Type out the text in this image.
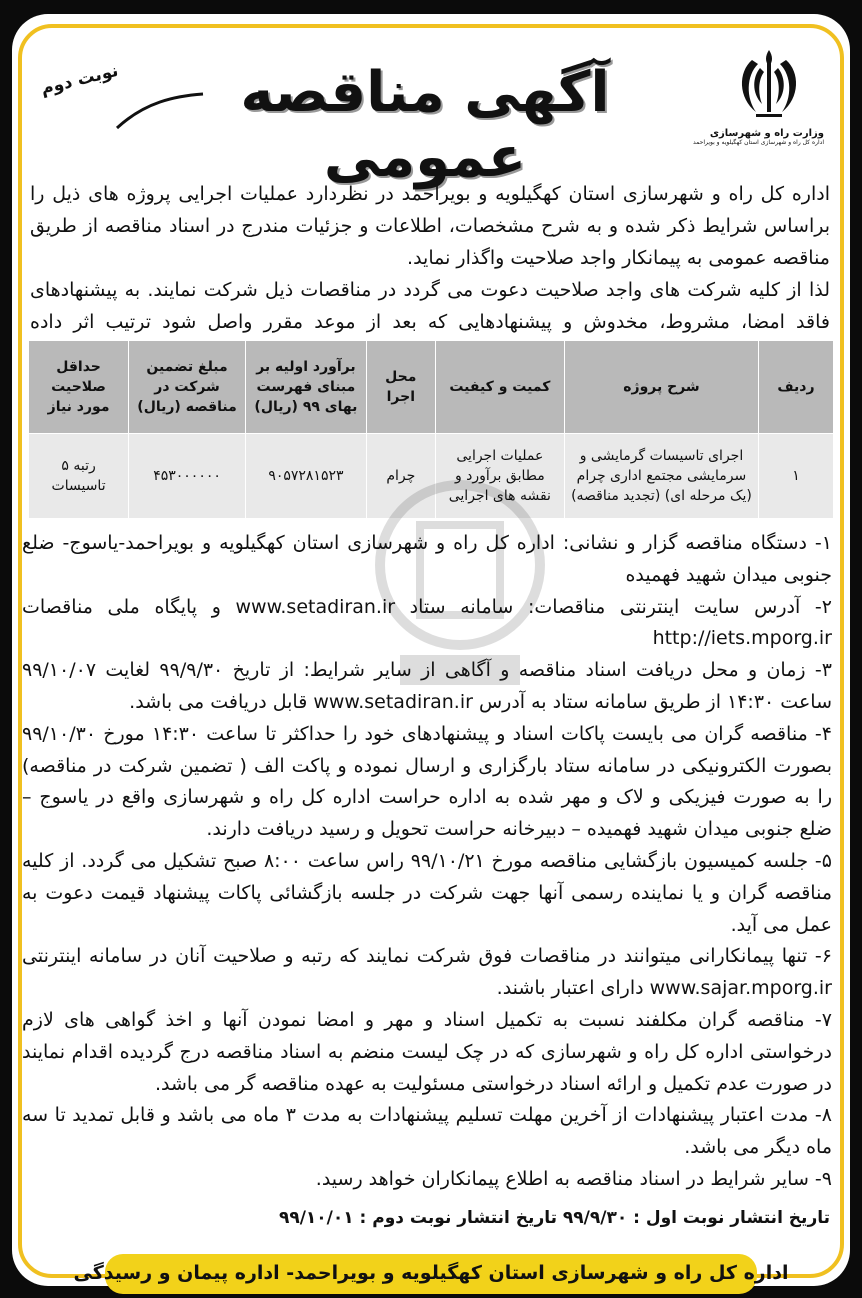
وزارت راه و شهرسازی
اداره کل راه و شهرسازی استان کهگیلویه و بویراحمد
آگهی مناقصه عمومی
نوبت دوم
اداره کل راه و شهرسازی استان کهگیلویه و بویراحمد در نظردارد عملیات اجرایی پروژه های ذیل را براساس شرایط ذکر شده و به شرح مشخصات، اطلاعات و جزئیات مندرج در اسناد مناقصه از طریق مناقصه عمومی به پیمانکار واجد صلاحیت واگذار نماید.
لذا از کلیه شرکت های واجد صلاحیت دعوت می گردد در مناقصات ذیل شرکت نمایند. به پیشنهادهای فاقد امضا، مشروط، مخدوش و پیشنهادهایی که بعد از موعد مقرر واصل شود ترتیب اثر داده
ردیف	شرح پروژه	کمیت و کیفیت	محل اجرا	برآورد اولیه بر مبنای فهرست بهای ۹۹ (ریال)	مبلغ تضمین شرکت در مناقصه (ریال)	حداقل صلاحیت مورد نیاز
۱	اجرای تاسیسات گرمایشی و سرمایشی مجتمع اداری چرام (یک مرحله ای) (تجدید مناقصه)	عملیات اجرایی مطابق برآورد و نقشه های اجرایی	چرام	۹۰۵۷۲۸۱۵۲۳	۴۵۳۰۰۰۰۰۰	رتبه ۵ تاسیسات

۱- دستگاه مناقصه گزار و نشانی: اداره کل راه و شهرسازی استان کهگیلویه و بویراحمد-یاسوج- ضلع جنوبی میدان شهید فهمیده

۲- آدرس سایت اینترنتی مناقصات: سامانه ستاد www.setadiran.ir و پایگاه ملی مناقصات http://iets.mporg.ir

۳- زمان و محل دریافت اسناد مناقصه و آگاهی از سایر شرایط: از تاریخ ۹۹/۹/۳۰ لغایت ۹۹/۱۰/۰۷ ساعت ۱۴:۳۰ از طریق سامانه ستاد به آدرس www.setadiran.ir قابل دریافت می باشد.

۴- مناقصه گران می بایست پاکات اسناد و پیشنهادهای خود را حداکثر تا ساعت ۱۴:۳۰ مورخ ۹۹/۱۰/۳۰ بصورت الکترونیکی در سامانه ستاد بارگزاری و ارسال نموده و پاکت الف ( تضمین شرکت در مناقصه) را به صورت فیزیکی و لاک و مهر شده به اداره حراست اداره کل راه و شهرسازی واقع در یاسوج – ضلع جنوبی میدان شهید فهمیده – دبیرخانه حراست تحویل و رسید دریافت دارند.

۵- جلسه کمیسیون بازگشایی مناقصه مورخ ۹۹/۱۰/۲۱ راس ساعت ۸:۰۰ صبح تشکیل می گردد. از کلیه مناقصه گران و یا نماینده رسمی آنها جهت شرکت در جلسه بازگشائی پاکات پیشنهاد قیمت دعوت به عمل می آید.

۶- تنها پیمانکارانی میتوانند در مناقصات فوق شرکت نمایند که رتبه و صلاحیت آنان در سامانه اینترنتی www.sajar.mporg.ir دارای اعتبار باشند.

۷- مناقصه گران مکلفند نسبت به تکمیل اسناد و مهر و امضا نمودن آنها و اخذ گواهی های لازم درخواستی اداره کل راه و شهرسازی که در چک لیست منضم به اسناد مناقصه درج گردیده اقدام نمایند در صورت عدم تکمیل و ارائه اسناد درخواستی مسئولیت به عهده مناقصه گر می باشد.

۸- مدت اعتبار پیشنهادات از آخرین مهلت تسلیم پیشنهادات به مدت ۳ ماه می باشد و قابل تمدید تا سه ماه دیگر می باشد.

۹- سایر شرایط در اسناد مناقصه به اطلاع پیمانکاران خواهد رسید.

تاریخ انتشار نوبت اول : ۹۹/۹/۳۰ تاریخ انتشار نوبت دوم : ۹۹/۱۰/۰۱
اداره کل راه و شهرسازی استان کهگیلویه و بویراحمد- اداره پیمان و رسیدگی
